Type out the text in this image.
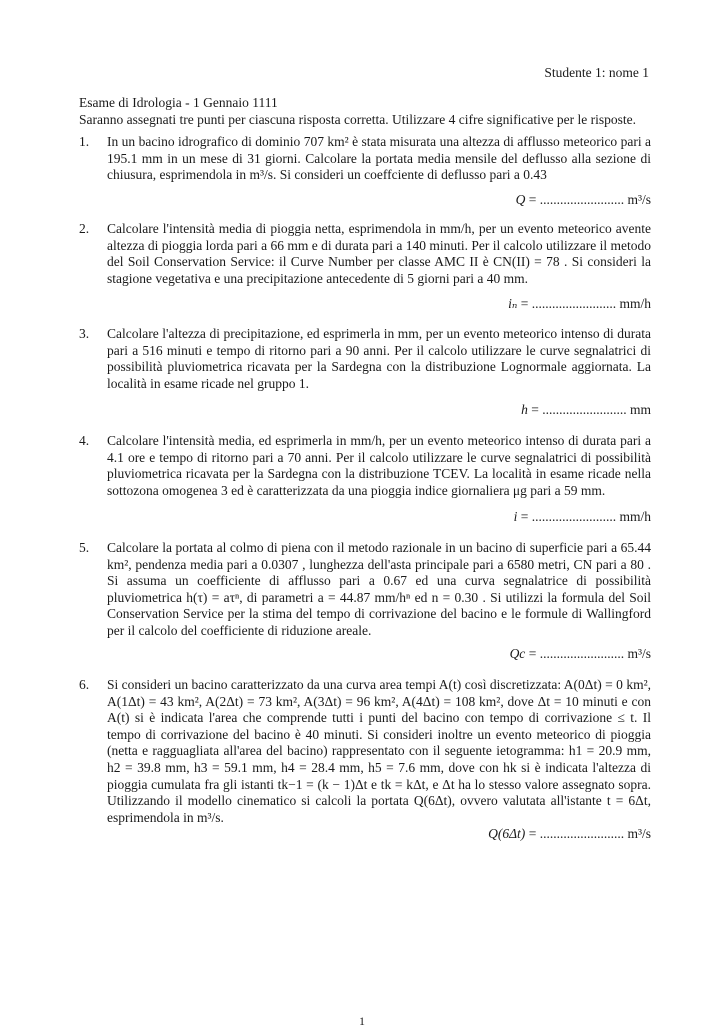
Studente 1: nome 1
Esame di Idrologia - 1 Gennaio 1111
Saranno assegnati tre punti per ciascuna risposta corretta. Utilizzare 4 cifre significative per le risposte.
1. In un bacino idrografico di dominio 707 km² è stata misurata una altezza di afflusso meteorico pari a 195.1 mm in un mese di 31 giorni. Calcolare la portata media mensile del deflusso alla sezione di chiusura, esprimendola in m³/s. Si consideri un coeffciente di deflusso pari a 0.43
Q = ......................... m³/s
2. Calcolare l'intensità media di pioggia netta, esprimendola in mm/h, per un evento meteorico avente altezza di pioggia lorda pari a 66 mm e di durata pari a 140 minuti. Per il calcolo utilizzare il metodo del Soil Conservation Service: il Curve Number per classe AMC II è CN(II) = 78 . Si consideri la stagione vegetativa e una precipitazione antecedente di 5 giorni pari a 40 mm.
iₙ = ......................... mm/h
3. Calcolare l'altezza di precipitazione, ed esprimerla in mm, per un evento meteorico intenso di durata pari a 516 minuti e tempo di ritorno pari a 90 anni. Per il calcolo utilizzare le curve segnalatrici di possibilità pluviometrica ricavata per la Sardegna con la distribuzione Lognormale aggiornata. La località in esame ricade nel gruppo 1.
h = ......................... mm
4. Calcolare l'intensità media, ed esprimerla in mm/h, per un evento meteorico intenso di durata pari a 4.1 ore e tempo di ritorno pari a 70 anni. Per il calcolo utilizzare le curve segnalatrici di possibilità pluviometrica ricavata per la Sardegna con la distribuzione TCEV. La località in esame ricade nella sottozona omogenea 3 ed è caratterizzata da una pioggia indice giornaliera μg pari a 59 mm.
i = ......................... mm/h
5. Calcolare la portata al colmo di piena con il metodo razionale in un bacino di superficie pari a 65.44 km², pendenza media pari a 0.0307 , lunghezza dell'asta principale pari a 6580 metri, CN pari a 80 . Si assuma un coefficiente di afflusso pari a 0.67 ed una curva segnalatrice di possibilità pluviometrica h(τ) = aτⁿ, di parametri a = 44.87 mm/hⁿ ed n = 0.30 . Si utilizzi la formula del Soil Conservation Service per la stima del tempo di corrivazione del bacino e le formule di Wallingford per il calcolo del coefficiente di riduzione areale.
Qc = ......................... m³/s
6. Si consideri un bacino caratterizzato da una curva area tempi A(t) così discretizzata: A(0Δt) = 0 km², A(1Δt) = 43 km², A(2Δt) = 73 km², A(3Δt) = 96 km², A(4Δt) = 108 km², dove Δt = 10 minuti e con A(t) si è indicata l'area che comprende tutti i punti del bacino con tempo di corrivazione ≤ t. Il tempo di corrivazione del bacino è 40 minuti. Si consideri inoltre un evento meteorico di pioggia (netta e ragguagliata all'area del bacino) rappresentato con il seguente ietogramma: h1 = 20.9 mm, h2 = 39.8 mm, h3 = 59.1 mm, h4 = 28.4 mm, h5 = 7.6 mm, dove con hk si è indicata l'altezza di pioggia cumulata fra gli istanti tk−1 = (k − 1)Δt e tk = kΔt, e Δt ha lo stesso valore assegnato sopra. Utilizzando il modello cinematico si calcoli la portata Q(6Δt), ovvero valutata all'istante t = 6Δt, esprimendola in m³/s.
Q(6Δt) = ......................... m³/s
1
